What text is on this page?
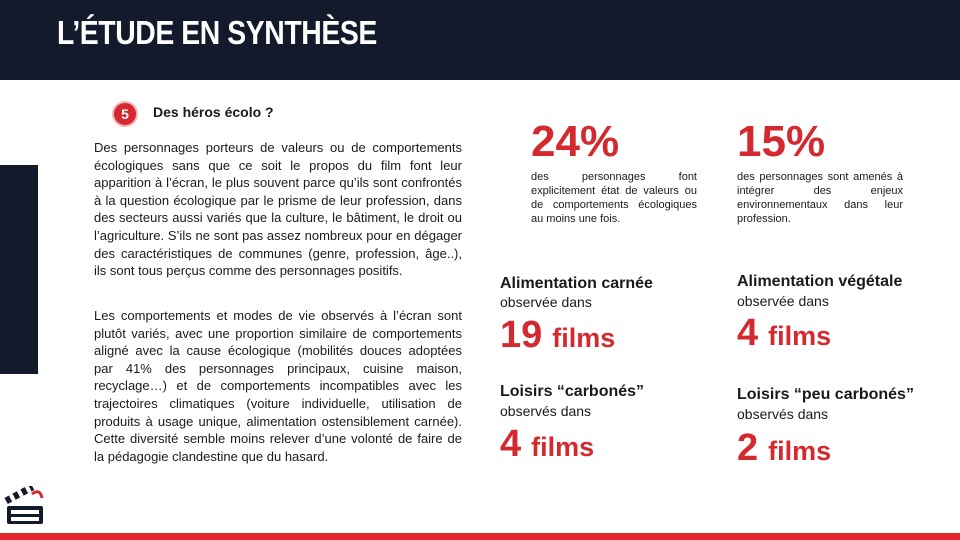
L’ÉTUDE EN SYNTHÈSE
5	Des héros écolo ?

Des personnages porteurs de valeurs ou de comportements écologiques sans que ce soit le propos du film font leur apparition à l’écran, le plus souvent parce qu’ils sont confrontés à la question écologique par le prisme de leur profession, dans des secteurs aussi variés que la culture, le bâtiment, le droit ou l’agriculture. S’ils ne sont pas assez nombreux pour en dégager des caractéristiques de communes (genre, profession, âge..), ils sont tous perçus comme des personnages positifs.

Les comportements et modes de vie observés à l’écran sont plutôt variés, avec une proportion similaire de comportements aligné avec la cause écologique (mobilités douces adoptées par 41% des personnages principaux, cuisine maison, recyclage…) et de comportements incompatibles avec les trajectoires climatiques (voiture individuelle, utilisation de produits à usage unique, alimentation ostensiblement carnée). Cette diversité semble moins relever d’une volonté de faire de la pédagogie clandestine que du hasard.

24%
des personnages font explicitement état de valeurs ou de comportements écologiques au moins une fois.
15%
des personnages sont amenés à intégrer des enjeux environnementaux dans leur profession.
Alimentation carnée
observée dans
19 films
Alimentation végétale
observée dans
4 films
Loisirs “carbonés”
observés dans
4 films
Loisirs “peu carbonés”
observés dans
2 films
